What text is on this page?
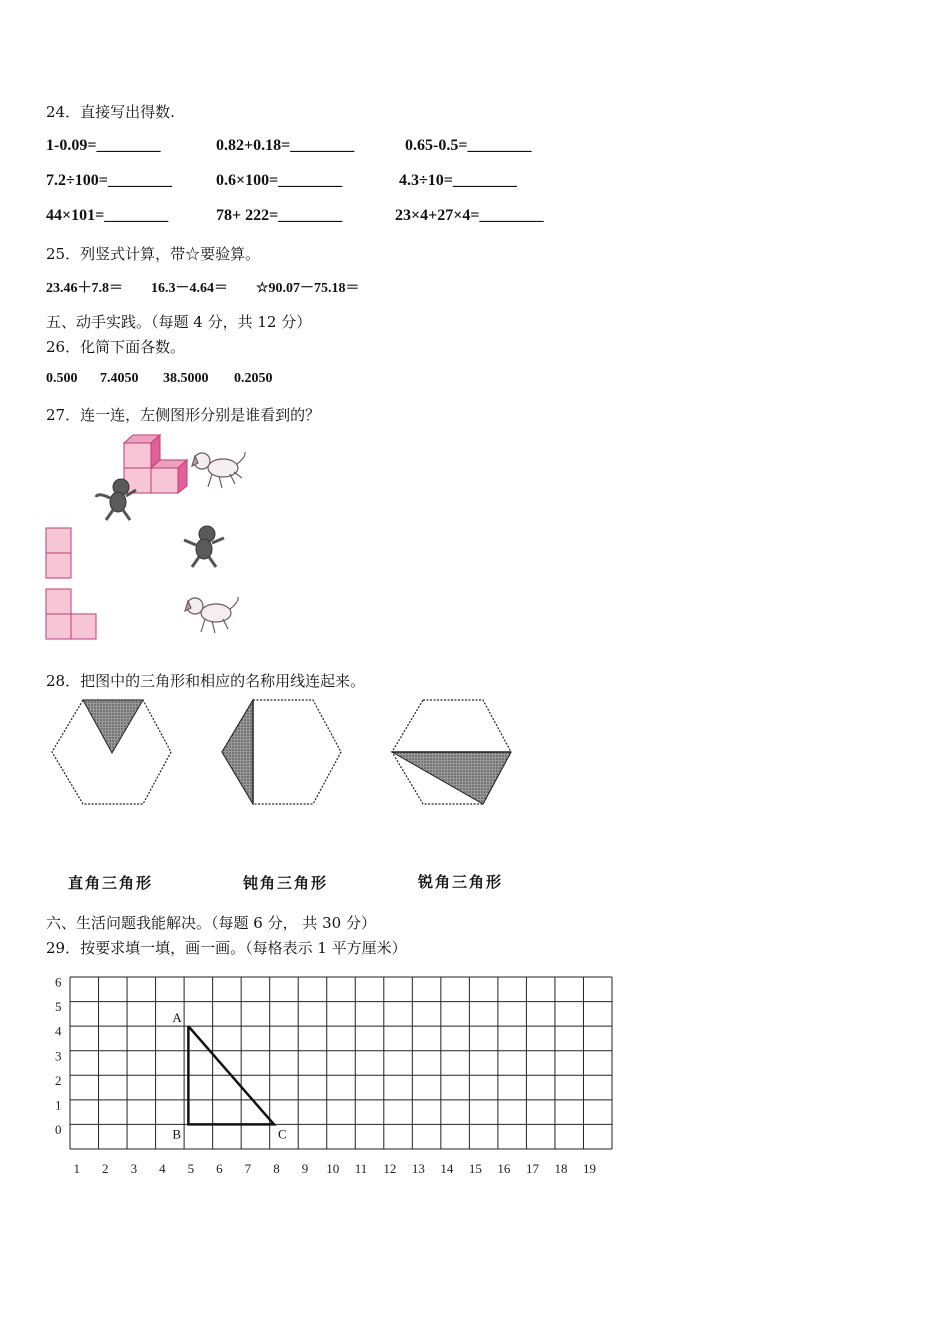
24．直接写出得数.
1-0.09=________	0.82+0.18=________	0.65-0.5=________
7.2÷100=________	0.6×100=________	4.3÷10=________
44×101=________	78+ 222=________	23×4+27×4=________
25．列竖式计算，带☆要验算。
23.46＋7.8＝ 16.3－4.64＝ ☆90.07－75.18＝
五、动手实践。（每题 4 分，共 12 分）
26．化简下面各数。
0.500 7.4050 38.5000 0.2050
27．连一连，左侧图形分别是谁看到的？
28．把图中的三角形和相应的名称用线连起来。
直角三角形	钝角三角形	锐角三角形
六、生活问题我能解决。（每题 6 分， 共 30 分）
29．按要求填一填，画一画。（每格表示 1 平方厘米）
6
5
4
3
2
1
0
1 2 3 4 5 6 7 8 9 10 11 12 13 14 15 16 17 18 19
A
B	C
